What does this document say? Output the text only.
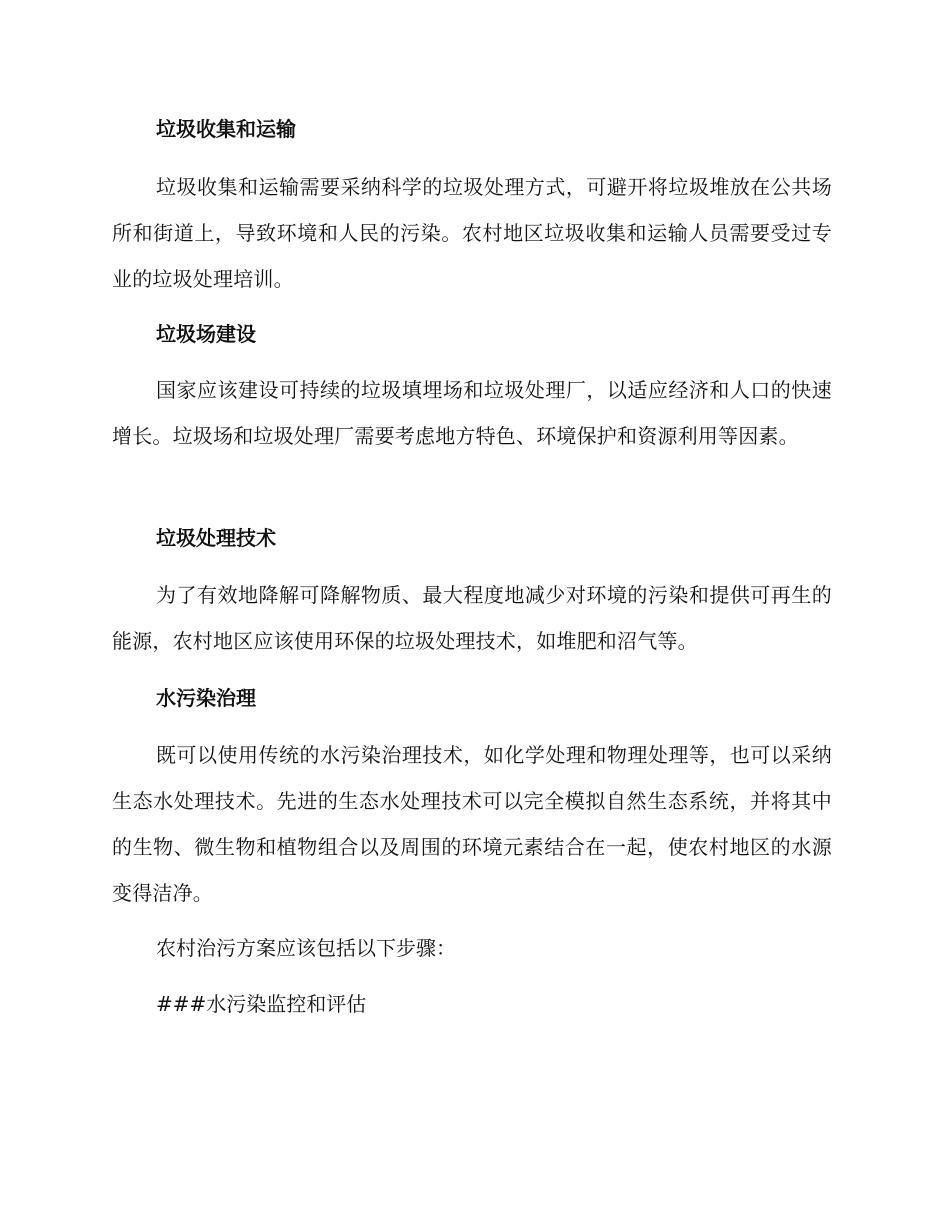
垃圾收集和运输

垃圾收集和运输需要采纳科学的垃圾处理方式，可避开将垃圾堆放在公共场所和街道上，导致环境和人民的污染。农村地区垃圾收集和运输人员需要受过专业的垃圾处理培训。

垃圾场建设

国家应该建设可持续的垃圾填埋场和垃圾处理厂，以适应经济和人口的快速增长。垃圾场和垃圾处理厂需要考虑地方特色、环境保护和资源利用等因素。

垃圾处理技术

为了有效地降解可降解物质、最大程度地减少对环境的污染和提供可再生的能源，农村地区应该使用环保的垃圾处理技术，如堆肥和沼气等。

水污染治理

既可以使用传统的水污染治理技术，如化学处理和物理处理等，也可以采纳生态水处理技术。先进的生态水处理技术可以完全模拟自然生态系统，并将其中的生物、微生物和植物组合以及周围的环境元素结合在一起，使农村地区的水源变得洁净。

农村治污方案应该包括以下步骤：

###水污染监控和评估
